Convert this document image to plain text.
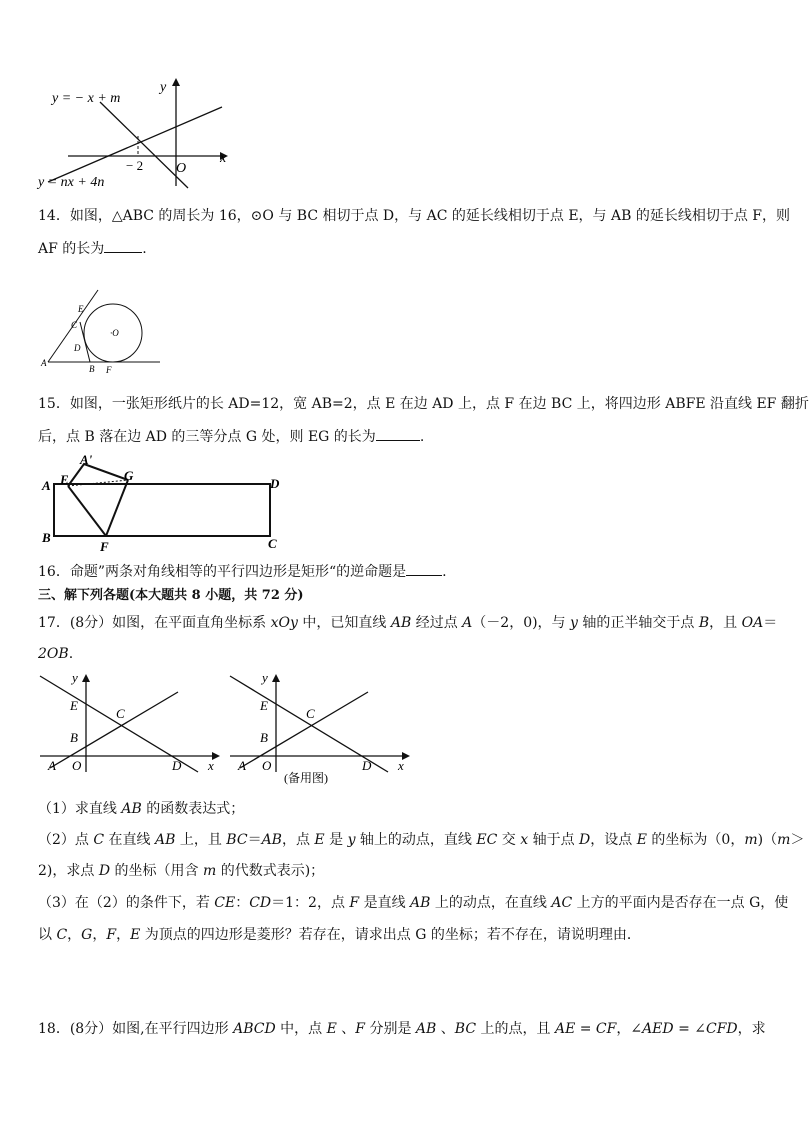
y = − x + m
y = nx + 4n
x
y
O
− 2
14．如图，△ABC 的周长为 16，⊙O 与 BC 相切于点 D，与 AC 的延长线相切于点 E，与 AB 的延长线相切于点 F，则
AF 的长为	.
E
C
·O
D
A
B F
15．如图，一张矩形纸片的长 AD=12，宽 AB=2，点 E 在边 AD 上，点 F 在边 BC 上，将四边形 ABFE 沿直线 EF 翻折
后，点 B 落在边 AD 的三等分点 G 处，则 EG 的长为	.
A'
A E	G
D
B
F	C
16．命题”两条对角线相等的平行四边形是矩形“的逆命题是	.
三、解下列各题(本大题共 8 小题，共 72 分)
17．(8分）如图，在平面直角坐标系 xOy 中，已知直线 AB 经过点 A（－2，0)，与 y 轴的正半轴交于点 B，且 OA＝
2OB.
y
E
C
B
A O	D x
y
E
C
B
A O	D x
(备用图)
（1）求直线 AB 的函数表达式；
（2）点 C 在直线 AB 上，且 BC＝AB，点 E 是 y 轴上的动点，直线 EC 交 x 轴于点 D，设点 E 的坐标为（0，m)（m＞
2)，求点 D 的坐标（用含 m 的代数式表示)；
（3）在（2）的条件下，若 CE：CD＝1：2，点 F 是直线 AB 上的动点，在直线 AC 上方的平面内是否存在一点 G，使
以 C，G，F，E 为顶点的四边形是菱形？若存在，请求出点 G 的坐标；若不存在，请说明理由．
18．(8分）如图,在平行四边形 ABCD 中，点 E 、F 分别是 AB 、BC 上的点，且 AE = CF，∠AED = ∠CFD，求
